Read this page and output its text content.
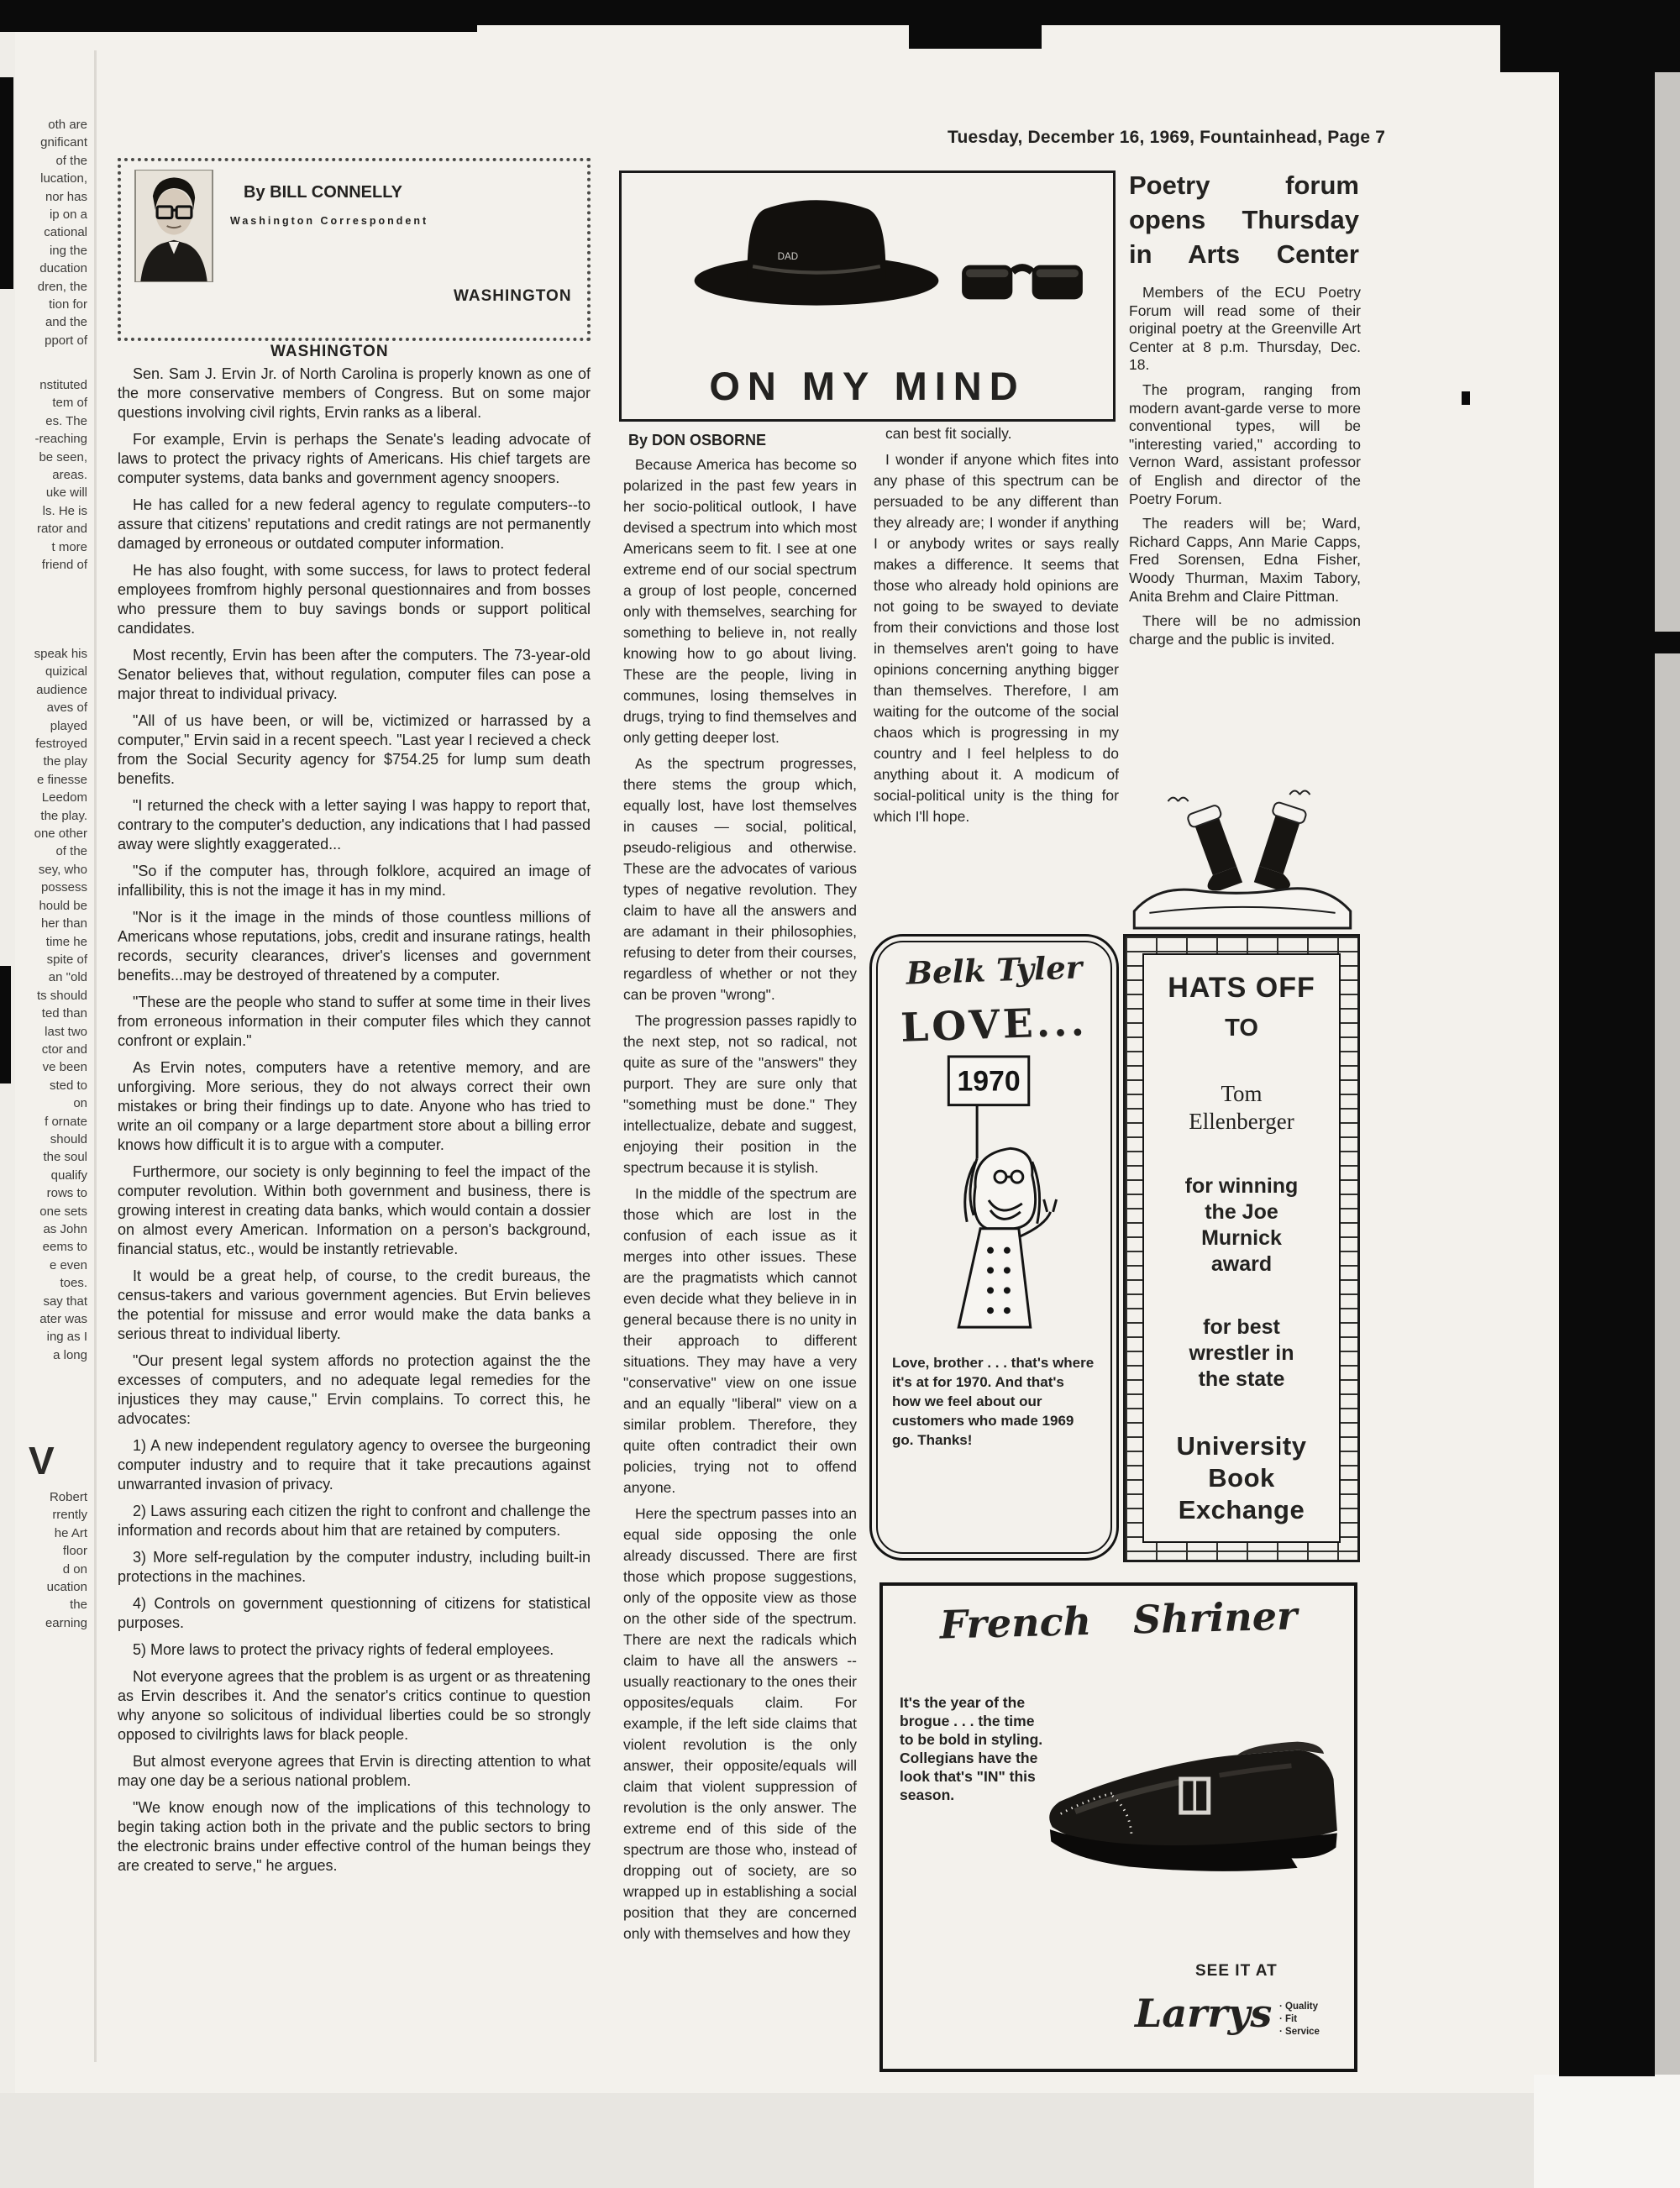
oth are
gnificant
of the
lucation,
nor has
ip on a
cational
ing the
ducation
dren, the
tion for
and the
pport of
nstituted
tem of
es. The
-reaching
be seen,
areas.
uke will
ls. He is
rator and
t more
friend of
speak his
quizical
audience
aves of
played
festroyed
the play
e finesse
Leedom
the play.
one other
of the
sey, who
possess
hould be
her than
time he
spite of
an "old
ts should
ted than
last two
ctor and
ve been
sted to
on
f ornate
should
the soul
qualify
rows to
one sets
as John
eems to
e even
toes.
say that
ater was
ing as I
a long
V
Robert
rrently
he Art
floor
d on
ucation
the
earning
Tuesday, December 16, 1969, Fountainhead, Page 7
By BILL CONNELLY
Washington Correspondent
WASHINGTON
WASHINGTON

Sen. Sam J. Ervin Jr. of North Carolina is properly known as one of the more conservative members of Congress. But on some major questions involving civil rights, Ervin ranks as a liberal.

For example, Ervin is perhaps the Senate's leading advocate of laws to protect the privacy rights of Americans. His chief targets are computer systems, data banks and government agency snoopers.

He has called for a new federal agency to regulate computers--to assure that citizens' reputations and credit ratings are not permanently damaged by erroneous or outdated computer information.

He has also fought, with some success, for laws to protect federal employees fromfrom highly personal questionnaires and from bosses who pressure them to buy savings bonds or support political candidates.

Most recently, Ervin has been after the computers. The 73-year-old Senator believes that, without regulation, computer files can pose a major threat to individual privacy.

"All of us have been, or will be, victimized or harrassed by a computer," Ervin said in a recent speech. "Last year I recieved a check from the Social Security agency for $754.25 for lump sum death benefits.

"I returned the check with a letter saying I was happy to report that, contrary to the computer's deduction, any indications that I had passed away were slightly exaggerated...

"So if the computer has, through folklore, acquired an image of infallibility, this is not the image it has in my mind.

"Nor is it the image in the minds of those countless millions of Americans whose reputations, jobs, credit and insurane ratings, health records, security clearances, driver's licenses and government benefits...may be destroyed of threatened by a computer.

"These are the people who stand to suffer at some time in their lives from erroneous information in their computer files which they cannot confront or explain."

As Ervin notes, computers have a retentive memory, and are unforgiving. More serious, they do not always correct their own mistakes or bring their findings up to date. Anyone who has tried to write an oil company or a large department store about a billing error knows how difficult it is to argue with a computer.

Furthermore, our society is only beginning to feel the impact of the computer revolution. Within both government and business, there is growing interest in creating data banks, which would contain a dossier on almost every American. Information on a person's background, financial status, etc., would be instantly retrievable.

It would be a great help, of course, to the credit bureaus, the census-takers and various government agencies. But Ervin believes the potential for missuse and error would make the data banks a serious threat to individual liberty.

"Our present legal system affords no protection against the the excesses of computers, and no adequate legal remedies for the injustices they may cause," Ervin complains. To correct this, he advocates:

1) A new independent regulatory agency to oversee the burgeoning computer industry and to require that it take precautions against unwarranted invasion of privacy.

2) Laws assuring each citizen the right to confront and challenge the information and records about him that are retained by computers.

3) More self-regulation by the computer industry, including built-in protections in the machines.

4) Controls on government questionning of citizens for statistical purposes.

5) More laws to protect the privacy rights of federal employees.

Not everyone agrees that the problem is as urgent or as threatening as Ervin describes it. And the senator's critics continue to question why anyone so solicitous of individual liberties could be so strongly opposed to civilrights laws for black people.

But almost everyone agrees that Ervin is directing attention to what may one day be a serious national problem.

"We know enough now of the implications of this technology to begin taking action both in the private and the public sectors to bring the electronic brains under effective control of the human beings they are created to serve," he argues.

DAD
ON MY MIND
By DON OSBORNE

Because America has become so polarized in the past few years in her socio-political outlook, I have devised a spectrum into which most Americans seem to fit. I see at one extreme end of our social spectrum a group of lost people, concerned only with themselves, searching for something to believe in, not really knowing how to go about living. These are the people, living in communes, losing themselves in drugs, trying to find themselves and only getting deeper lost.

As the spectrum progresses, there stems the group which, equally lost, have lost themselves in causes — social, political, pseudo-religious and otherwise. These are the advocates of various types of negative revolution. They claim to have all the answers and are adamant in their philosophies, refusing to deter from their courses, regardless of whether or not they can be proven "wrong".

The progression passes rapidly to the next step, not so radical, not quite as sure of the "answers" they purport. They are sure only that "something must be done." They intellectualize, debate and suggest, enjoying their position in the spectrum because it is stylish.

In the middle of the spectrum are those which are lost in the confusion of each issue as it merges into other issues. These are the pragmatists which cannot even decide what they believe in in general because there is no unity in their approach to different situations. They may have a very "conservative" view on one issue and an equally "liberal" view on a similar problem. Therefore, they quite often contradict their own policies, trying not to offend anyone.

Here the spectrum passes into an equal side opposing the onle already discussed. There are first those which propose suggestions, only of the opposite view as those on the other side of the spectrum. There are next the radicals which claim to have all the answers -- usually reactionary to the ones their opposites/equals claim. For example, if the left side claims that violent revolution is the only answer, their opposite/equals will claim that violent suppression of revolution is the only answer. The extreme end of this side of the spectrum are those who, instead of dropping out of society, are so wrapped up in establishing a social position that they are concerned only with themselves and how they

can best fit socially.

I wonder if anyone which fites into any phase of this spectrum can be persuaded to be any different than they already are; I wonder if anything I or anybody writes or says really makes a difference. It seems that those who already hold opinions are not going to be swayed to deviate from their convictions and those lost in themselves aren't going to have opinions concerning anything bigger than themselves. Therefore, I am waiting for the outcome of the social chaos which is progressing in my country and I feel helpless to do anything about it. A modicum of social-political unity is the thing for which I'll hope.

Poetry forum
opens Thursday
in Arts Center

Members of the ECU Poetry Forum will read some of their original poetry at the Greenville Art Center at 8 p.m. Thursday, Dec. 18.

The program, ranging from modern avant-garde verse to more conventional types, will be "interesting varied," according to Vernon Ward, assistant professor of English and director of the Poetry Forum.

The readers will be; Ward, Richard Capps, Ann Marie Capps, Fred Sorensen, Edna Fisher, Woody Thurman, Maxim Tabory, Anita Brehm and Claire Pittman.

There will be no admission charge and the public is invited.

HATS OFF
TO
Tom
Ellenberger
for winning
the Joe
Murnick
award
for best
wrestler in
the state
University
Book
Exchange
Belk Tyler
LOVE...
1970
Love, brother . . . that's where it's at for 1970. And that's how we feel about our customers who made 1969 go. Thanks!
French Shriner
It's the year of the brogue . . . the time to be bold in styling. Collegians have the look that's "IN" this season.
SEE IT AT
Larrys · Quality
· Fit
· Service
